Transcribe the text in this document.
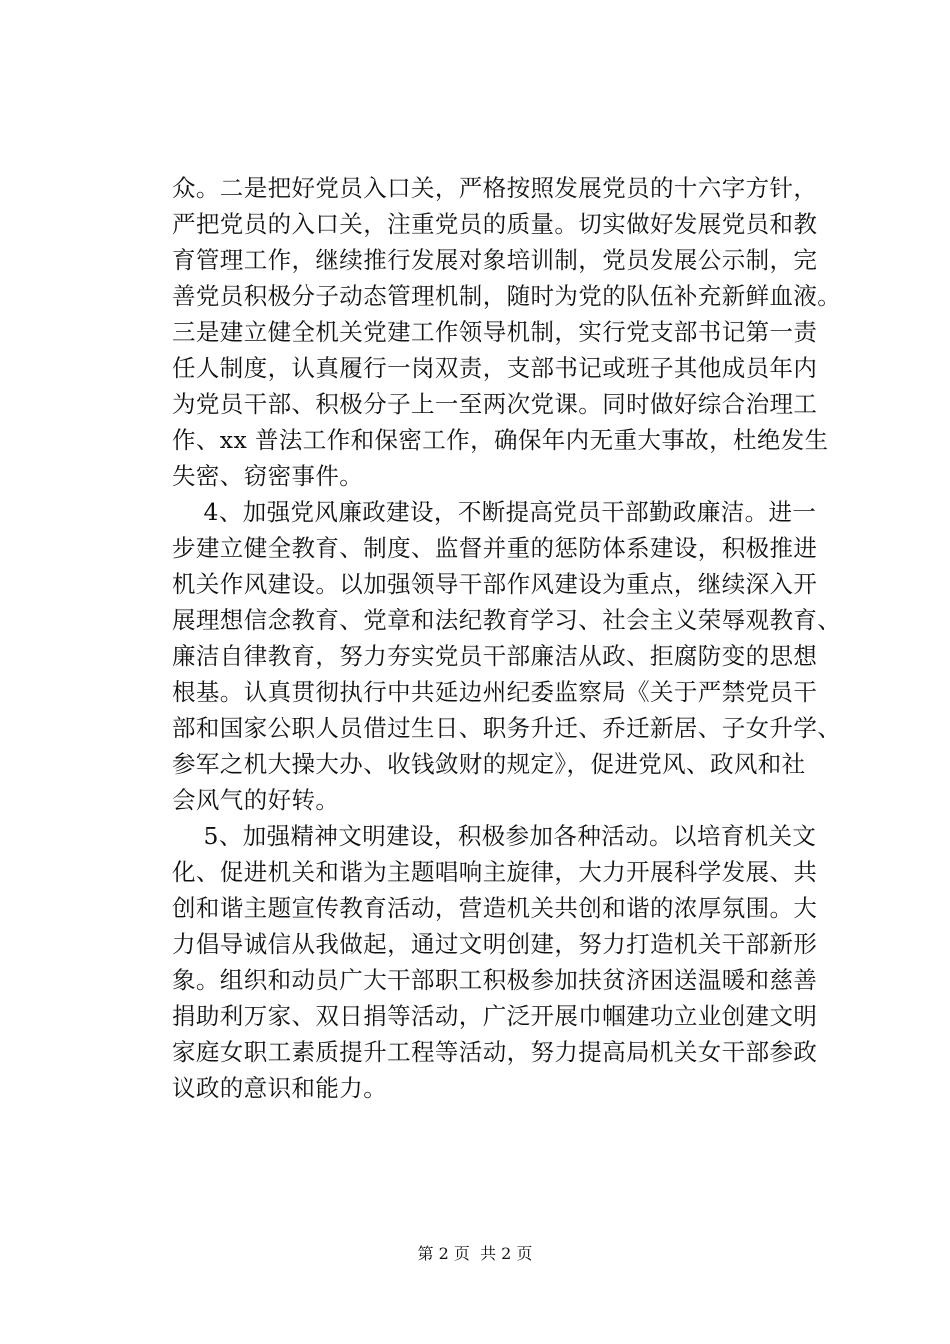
众。二是把好党员入口关，严格按照发展党员的十六字方针，
严把党员的入口关，注重党员的质量。切实做好发展党员和教
育管理工作，继续推行发展对象培训制，党员发展公示制，完
善党员积极分子动态管理机制，随时为党的队伍补充新鲜血液。
三是建立健全机关党建工作领导机制，实行党支部书记第一责
任人制度，认真履行一岗双责，支部书记或班子其他成员年内
为党员干部、积极分子上一至两次党课。同时做好综合治理工
作、xx 普法工作和保密工作，确保年内无重大事故，杜绝发生
失密、窃密事件。
4、加强党风廉政建设，不断提高党员干部勤政廉洁。进一
步建立健全教育、制度、监督并重的惩防体系建设，积极推进
机关作风建设。以加强领导干部作风建设为重点，继续深入开
展理想信念教育、党章和法纪教育学习、社会主义荣辱观教育、
廉洁自律教育，努力夯实党员干部廉洁从政、拒腐防变的思想
根基。认真贯彻执行中共延边州纪委监察局《关于严禁党员干
部和国家公职人员借过生日、职务升迁、乔迁新居、子女升学、
参军之机大操大办、收钱敛财的规定》，促进党风、政风和社
会风气的好转。
5、加强精神文明建设，积极参加各种活动。以培育机关文
化、促进机关和谐为主题唱响主旋律，大力开展科学发展、共
创和谐主题宣传教育活动，营造机关共创和谐的浓厚氛围。大
力倡导诚信从我做起，通过文明创建，努力打造机关干部新形
象。组织和动员广大干部职工积极参加扶贫济困送温暖和慈善
捐助利万家、双日捐等活动，广泛开展巾帼建功立业创建文明
家庭女职工素质提升工程等活动，努力提高局机关女干部参政
议政的意识和能力。
第 2 页  共 2 页
